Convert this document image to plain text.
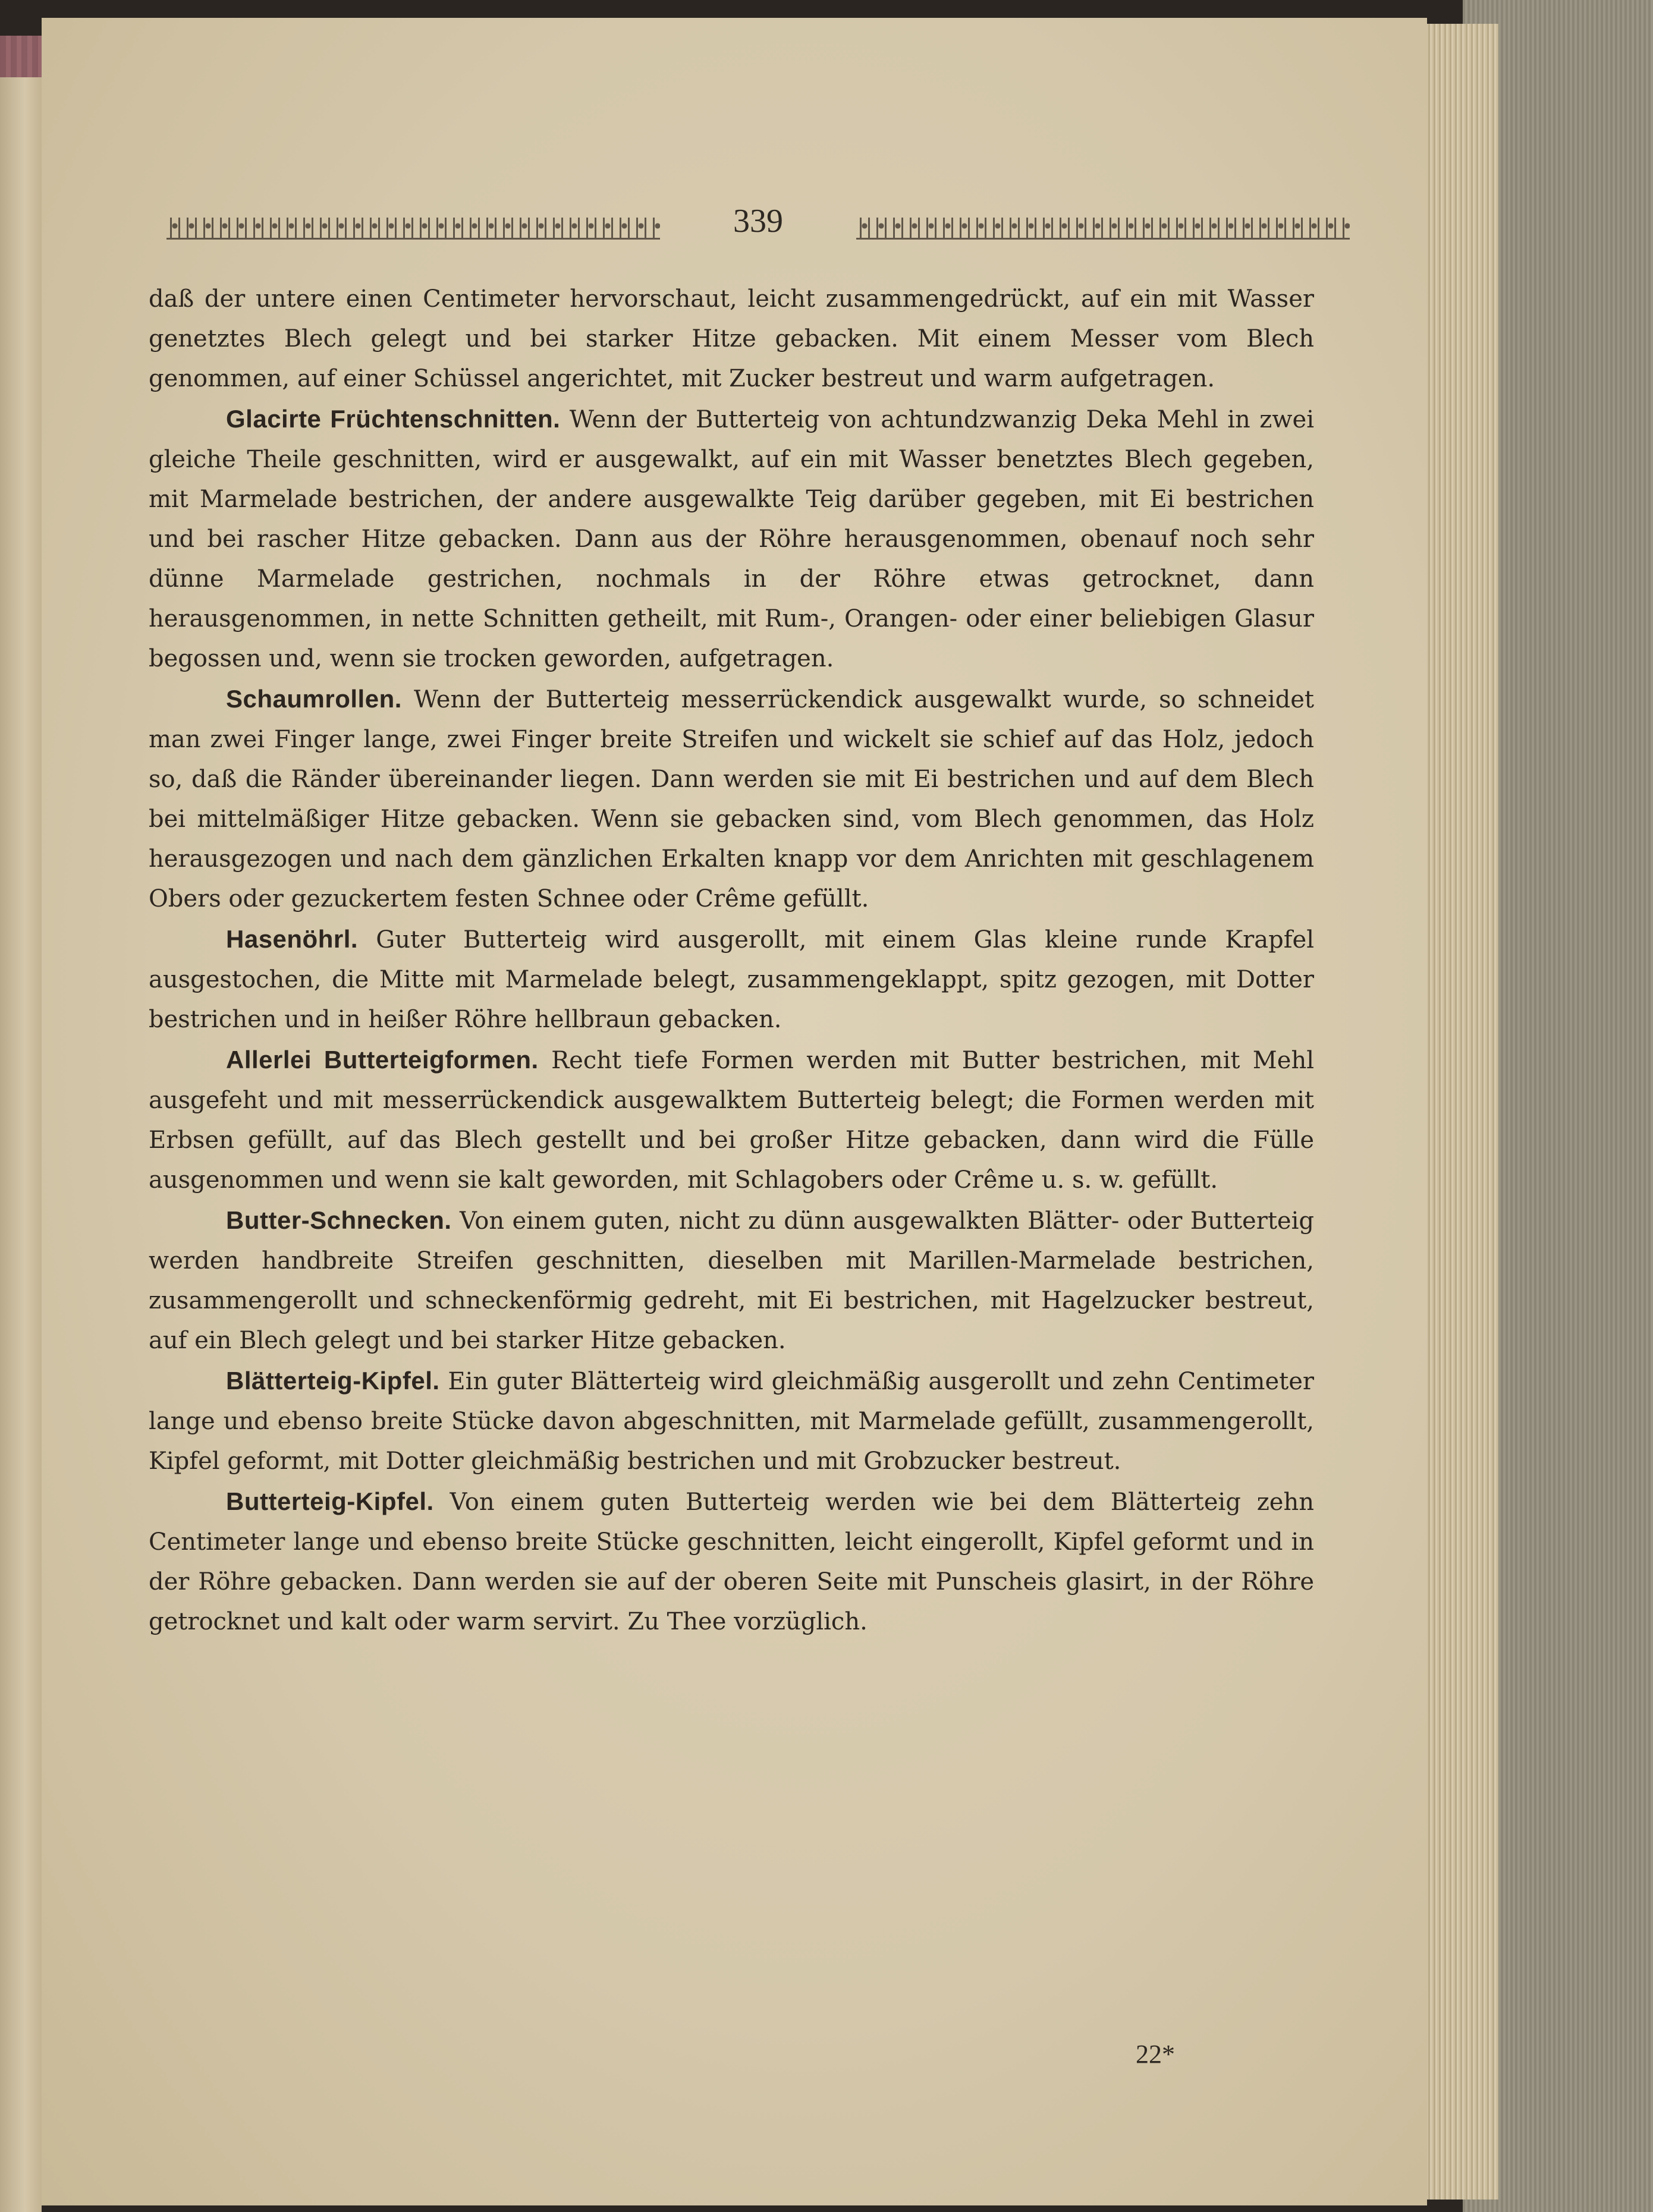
339

daß der untere einen Centimeter hervorschaut, leicht zusammengedrückt, auf ein mit Wasser genetztes Blech gelegt und bei starker Hitze gebacken. Mit einem Messer vom Blech genommen, auf einer Schüssel angerichtet, mit Zucker bestreut und warm aufgetragen.

Glacirte Früchtenschnitten. Wenn der Butterteig von achtundzwanzig Deka Mehl in zwei gleiche Theile geschnitten, wird er ausgewalkt, auf ein mit Wasser benetztes Blech gegeben, mit Marmelade bestrichen, der andere ausgewalkte Teig darüber gegeben, mit Ei bestrichen und bei rascher Hitze gebacken. Dann aus der Röhre herausgenommen, obenauf noch sehr dünne Marmelade gestrichen, nochmals in der Röhre etwas getrocknet, dann herausgenommen, in nette Schnitten getheilt, mit Rum-, Orangen- oder einer beliebigen Glasur begossen und, wenn sie trocken geworden, aufgetragen.

Schaumrollen. Wenn der Butterteig messerrückendick ausgewalkt wurde, so schneidet man zwei Finger lange, zwei Finger breite Streifen und wickelt sie schief auf das Holz, jedoch so, daß die Ränder übereinander liegen. Dann werden sie mit Ei bestrichen und auf dem Blech bei mittelmäßiger Hitze gebacken. Wenn sie gebacken sind, vom Blech genommen, das Holz herausgezogen und nach dem gänzlichen Erkalten knapp vor dem Anrichten mit geschlagenem Obers oder gezuckertem festen Schnee oder Crême gefüllt.

Hasenöhrl. Guter Butterteig wird ausgerollt, mit einem Glas kleine runde Krapfel ausgestochen, die Mitte mit Marmelade belegt, zusammengeklappt, spitz gezogen, mit Dotter bestrichen und in heißer Röhre hellbraun gebacken.

Allerlei Butterteigformen. Recht tiefe Formen werden mit Butter bestrichen, mit Mehl ausgefeht und mit messerrückendick ausgewalktem Butterteig belegt; die Formen werden mit Erbsen gefüllt, auf das Blech gestellt und bei großer Hitze gebacken, dann wird die Fülle ausgenommen und wenn sie kalt geworden, mit Schlagobers oder Crême u. s. w. gefüllt.

Butter-Schnecken. Von einem guten, nicht zu dünn ausgewalkten Blätter- oder Butterteig werden handbreite Streifen geschnitten, dieselben mit Marillen-Marmelade bestrichen, zusammengerollt und schneckenförmig gedreht, mit Ei bestrichen, mit Hagelzucker bestreut, auf ein Blech gelegt und bei starker Hitze gebacken.

Blätterteig-Kipfel. Ein guter Blätterteig wird gleichmäßig ausgerollt und zehn Centimeter lange und ebenso breite Stücke davon abgeschnitten, mit Marmelade gefüllt, zusammengerollt, Kipfel geformt, mit Dotter gleichmäßig bestrichen und mit Grobzucker bestreut.

Butterteig-Kipfel. Von einem guten Butterteig werden wie bei dem Blätterteig zehn Centimeter lange und ebenso breite Stücke geschnitten, leicht eingerollt, Kipfel geformt und in der Röhre gebacken. Dann werden sie auf der oberen Seite mit Punscheis glasirt, in der Röhre getrocknet und kalt oder warm servirt. Zu Thee vorzüglich.

22*
